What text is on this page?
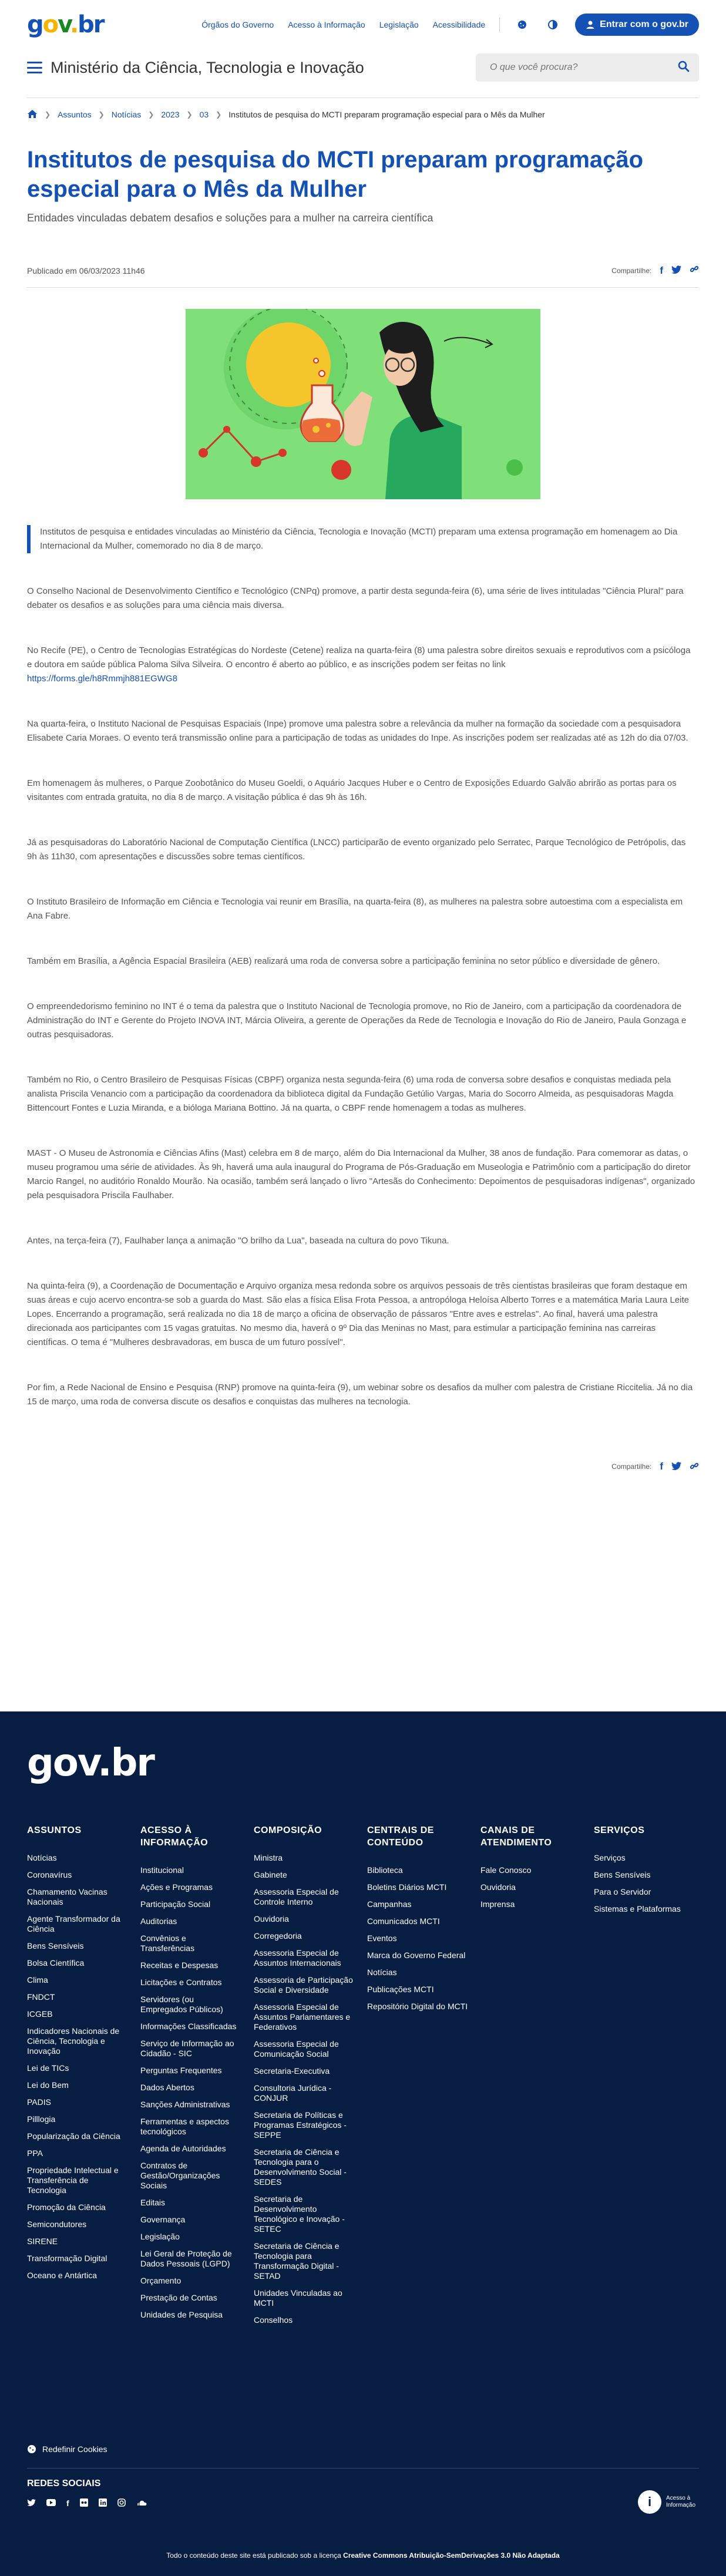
gov.br	Órgãos do Governo Acesso à Informação Legislação Acessibilidade	Entrar com o gov.br
Ministério da Ciência, Tecnologia e Inovação
O que você procura?
❯ Assuntos ❯ Notícias ❯ 2023 ❯ 03 ❯ Institutos de pesquisa do MCTI preparam programação especial para o Mês da Mulher
Institutos de pesquisa do MCTI preparam programação especial para o Mês da Mulher
Entidades vinculadas debatem desafios e soluções para a mulher na carreira científica
Publicado em 06/03/2023 11h46	Compartilhe: f

Institutos de pesquisa e entidades vinculadas ao Ministério da Ciência, Tecnologia e Inovação (MCTI) preparam uma extensa programação em homenagem ao Dia Internacional da Mulher, comemorado no dia 8 de março.

O Conselho Nacional de Desenvolvimento Científico e Tecnológico (CNPq) promove, a partir desta segunda-feira (6), uma série de lives intituladas "Ciência Plural" para debater os desafios e as soluções para uma ciência mais diversa.

No Recife (PE), o Centro de Tecnologias Estratégicas do Nordeste (Cetene) realiza na quarta-feira (8) uma palestra sobre direitos sexuais e reprodutivos com a psicóloga e doutora em saúde pública Paloma Silva Silveira. O encontro é aberto ao público, e as inscrições podem ser feitas no link
https://forms.gle/h8Rmmjh881EGWG8

Na quarta-feira, o Instituto Nacional de Pesquisas Espaciais (Inpe) promove uma palestra sobre a relevância da mulher na formação da sociedade com a pesquisadora Elisabete Caria Moraes. O evento terá transmissão online para a participação de todas as unidades do Inpe. As inscrições podem ser realizadas até as 12h do dia 07/03.

Em homenagem às mulheres, o Parque Zoobotânico do Museu Goeldi, o Aquário Jacques Huber e o Centro de Exposições Eduardo Galvão abrirão as portas para os visitantes com entrada gratuita, no dia 8 de março. A visitação pública é das 9h às 16h.

Já as pesquisadoras do Laboratório Nacional de Computação Científica (LNCC) participarão de evento organizado pelo Serratec, Parque Tecnológico de Petrópolis, das 9h às 11h30, com apresentações e discussões sobre temas científicos.

O Instituto Brasileiro de Informação em Ciência e Tecnologia vai reunir em Brasília, na quarta-feira (8), as mulheres na palestra sobre autoestima com a especialista em Ana Fabre.

Também em Brasília, a Agência Espacial Brasileira (AEB) realizará uma roda de conversa sobre a participação feminina no setor público e diversidade de gênero.

O empreendedorismo feminino no INT é o tema da palestra que o Instituto Nacional de Tecnologia promove, no Rio de Janeiro, com a participação da coordenadora de Administração do INT e Gerente do Projeto INOVA INT, Márcia Oliveira, a gerente de Operações da Rede de Tecnologia e Inovação do Rio de Janeiro, Paula Gonzaga e outras pesquisadoras.

Também no Rio, o Centro Brasileiro de Pesquisas Físicas (CBPF) organiza nesta segunda-feira (6) uma roda de conversa sobre desafios e conquistas mediada pela analista Priscila Venancio com a participação da coordenadora da biblioteca digital da Fundação Getúlio Vargas, Maria do Socorro Almeida, as pesquisadoras Magda Bittencourt Fontes e Luzia Miranda, e a bióloga Mariana Bottino. Já na quarta, o CBPF rende homenagem a todas as mulheres.

MAST - O Museu de Astronomia e Ciências Afins (Mast) celebra em 8 de março, além do Dia Internacional da Mulher, 38 anos de fundação. Para comemorar as datas, o museu programou uma série de atividades. Às 9h, haverá uma aula inaugural do Programa de Pós-Graduação em Museologia e Patrimônio com a participação do diretor Marcio Rangel, no auditório Ronaldo Mourão. Na ocasião, também será lançado o livro "Artesãs do Conhecimento: Depoimentos de pesquisadoras indígenas", organizado pela pesquisadora Priscila Faulhaber.

Antes, na terça-feira (7), Faulhaber lança a animação "O brilho da Lua", baseada na cultura do povo Tikuna.

Na quinta-feira (9), a Coordenação de Documentação e Arquivo organiza mesa redonda sobre os arquivos pessoais de três cientistas brasileiras que foram destaque em suas áreas e cujo acervo encontra-se sob a guarda do Mast. São elas a física Elisa Frota Pessoa, a antropóloga Heloísa Alberto Torres e a matemática Maria Laura Leite Lopes. Encerrando a programação, será realizada no dia 18 de março a oficina de observação de pássaros "Entre aves e estrelas". Ao final, haverá uma palestra direcionada aos participantes com 15 vagas gratuitas. No mesmo dia, haverá o 9º Dia das Meninas no Mast, para estimular a participação feminina nas carreiras científicas. O tema é "Mulheres desbravadoras, em busca de um futuro possível".

Por fim, a Rede Nacional de Ensino e Pesquisa (RNP) promove na quinta-feira (9), um webinar sobre os desafios da mulher com palestra de Cristiane Riccitelia. Já no dia 15 de março, uma roda de conversa discute os desafios e conquistas das mulheres na tecnologia.

Compartilhe: f
gov.br
ASSUNTOS
Notícias
Coronavírus
Chamamento Vacinas Nacionais
Agente Transformador da Ciência
Bens Sensíveis
Bolsa Científica
Clima
FNDCT
ICGEB
Indicadores Nacionais de Ciência, Tecnologia e Inovação
Lei de TICs
Lei do Bem
PADIS
Pilllogia
Popularização da Ciência
PPA
Propriedade Intelectual e Transferência de Tecnologia
Promoção da Ciência
Semicondutores
SIRENE
Transformação Digital
Oceano e Antártica
ACESSO À INFORMAÇÃO
Institucional
Ações e Programas
Participação Social
Auditorias
Convênios e Transferências
Receitas e Despesas
Licitações e Contratos
Servidores (ou Empregados Públicos)
Informações Classificadas
Serviço de Informação ao Cidadão - SIC
Perguntas Frequentes
Dados Abertos
Sanções Administrativas
Ferramentas e aspectos tecnológicos
Agenda de Autoridades
Contratos de Gestão/Organizações Sociais
Editais
Governança
Legislação
Lei Geral de Proteção de Dados Pessoais (LGPD)
Orçamento
Prestação de Contas
Unidades de Pesquisa
COMPOSIÇÃO
Ministra
Gabinete
Assessoria Especial de Controle Interno
Ouvidoria
Corregedoria
Assessoria Especial de Assuntos Internacionais
Assessoria de Participação Social e Diversidade
Assessoria Especial de Assuntos Parlamentares e Federativos
Assessoria Especial de Comunicação Social
Secretaria-Executiva
Consultoria Jurídica - CONJUR
Secretaria de Políticas e Programas Estratégicos - SEPPE
Secretaria de Ciência e Tecnologia para o Desenvolvimento Social - SEDES
Secretaria de Desenvolvimento Tecnológico e Inovação - SETEC
Secretaria de Ciência e Tecnologia para Transformação Digital - SETAD
Unidades Vinculadas ao MCTI
Conselhos
CENTRAIS DE CONTEÚDO
Biblioteca
Boletins Diários MCTI
Campanhas
Comunicados MCTI
Eventos
Marca do Governo Federal
Notícias
Publicações MCTI
Repositório Digital do MCTI
CANAIS DE ATENDIMENTO
Fale Conosco
Ouvidoria
Imprensa
SERVIÇOS
Serviços
Bens Sensíveis
Para o Servidor
Sistemas e Plataformas
Redefinir Cookies
REDES SOCIAIS
f	i	Acesso à
Informação
Todo o conteúdo deste site está publicado sob a licença Creative Commons Atribuição-SemDerivações 3.0 Não Adaptada
